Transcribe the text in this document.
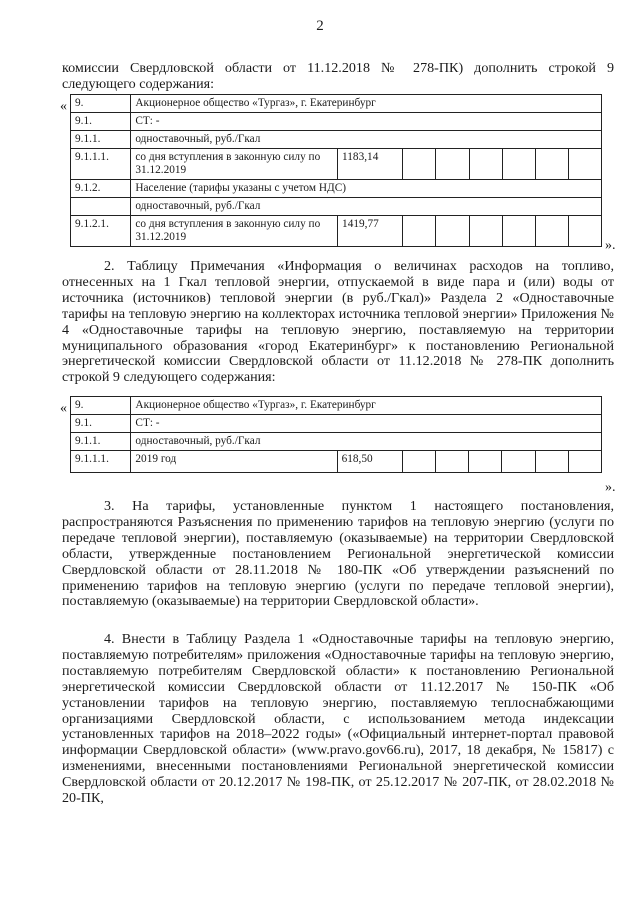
2
комиссии Свердловской области от 11.12.2018 № 278-ПК) дополнить строкой 9
следующего содержания:
« 9.	Акционерное общество «Тургаз», г. Екатеринбург							
9.1.	СТ: -							
9.1.1.	одноставочный, руб./Гкал							
9.1.1.1.	со дня вступления в законную силу по 31.12.2019	1183,14						
9.1.2.	Население (тарифы указаны с учетом НДС)							
	одноставочный, руб./Гкал							
9.1.2.1.	со дня вступления в законную силу по 31.12.2019	1419,77						
».
2. Таблицу Примечания «Информация о величинах расходов на топливо, отнесенных на 1 Гкал тепловой энергии, отпускаемой в виде пара и (или) воды от источника (источников) тепловой энергии (в руб./Гкал)» Раздела 2 «Одноставочные тарифы на тепловую энергию на коллекторах источника тепловой энергии» Приложения № 4 «Одноставочные тарифы на тепловую энергию, поставляемую на территории муниципального образования «город Екатеринбург» к постановлению Региональной энергетической комиссии Свердловской области от 11.12.2018 № 278-ПК дополнить строкой 9 следующего содержания:
« 9.	Акционерное общество «Тургаз», г. Екатеринбург							
9.1.	СТ: -							
9.1.1.	одноставочный, руб./Гкал							
9.1.1.1.	2019 год	618,50						
».
3. На тарифы, установленные пунктом 1 настоящего постановления, распространяются Разъяснения по применению тарифов на тепловую энергию (услуги по передаче тепловой энергии), поставляемую (оказываемые) на территории Свердловской области, утвержденные постановлением Региональной энергетической комиссии Свердловской области от 28.11.2018 № 180-ПК «Об утверждении разъяснений по применению тарифов на тепловую энергию (услуги по передаче тепловой энергии), поставляемую (оказываемые) на территории Свердловской области».
4. Внести в Таблицу Раздела 1 «Одноставочные тарифы на тепловую энергию, поставляемую потребителям» приложения «Одноставочные тарифы на тепловую энергию, поставляемую потребителям Свердловской области» к постановлению Региональной энергетической комиссии Свердловской области от 11.12.2017 № 150-ПК «Об установлении тарифов на тепловую энергию, поставляемую теплоснабжающими организациями Свердловской области, с использованием метода индексации установленных тарифов на 2018–2022 годы» («Официальный интернет-портал правовой информации Свердловской области» (www.pravo.gov66.ru), 2017, 18 декабря, № 15817) с изменениями, внесенными постановлениями Региональной энергетической комиссии Свердловской области от 20.12.2017 № 198-ПК, от 25.12.2017 № 207-ПК, от 28.02.2018 № 20-ПК,
